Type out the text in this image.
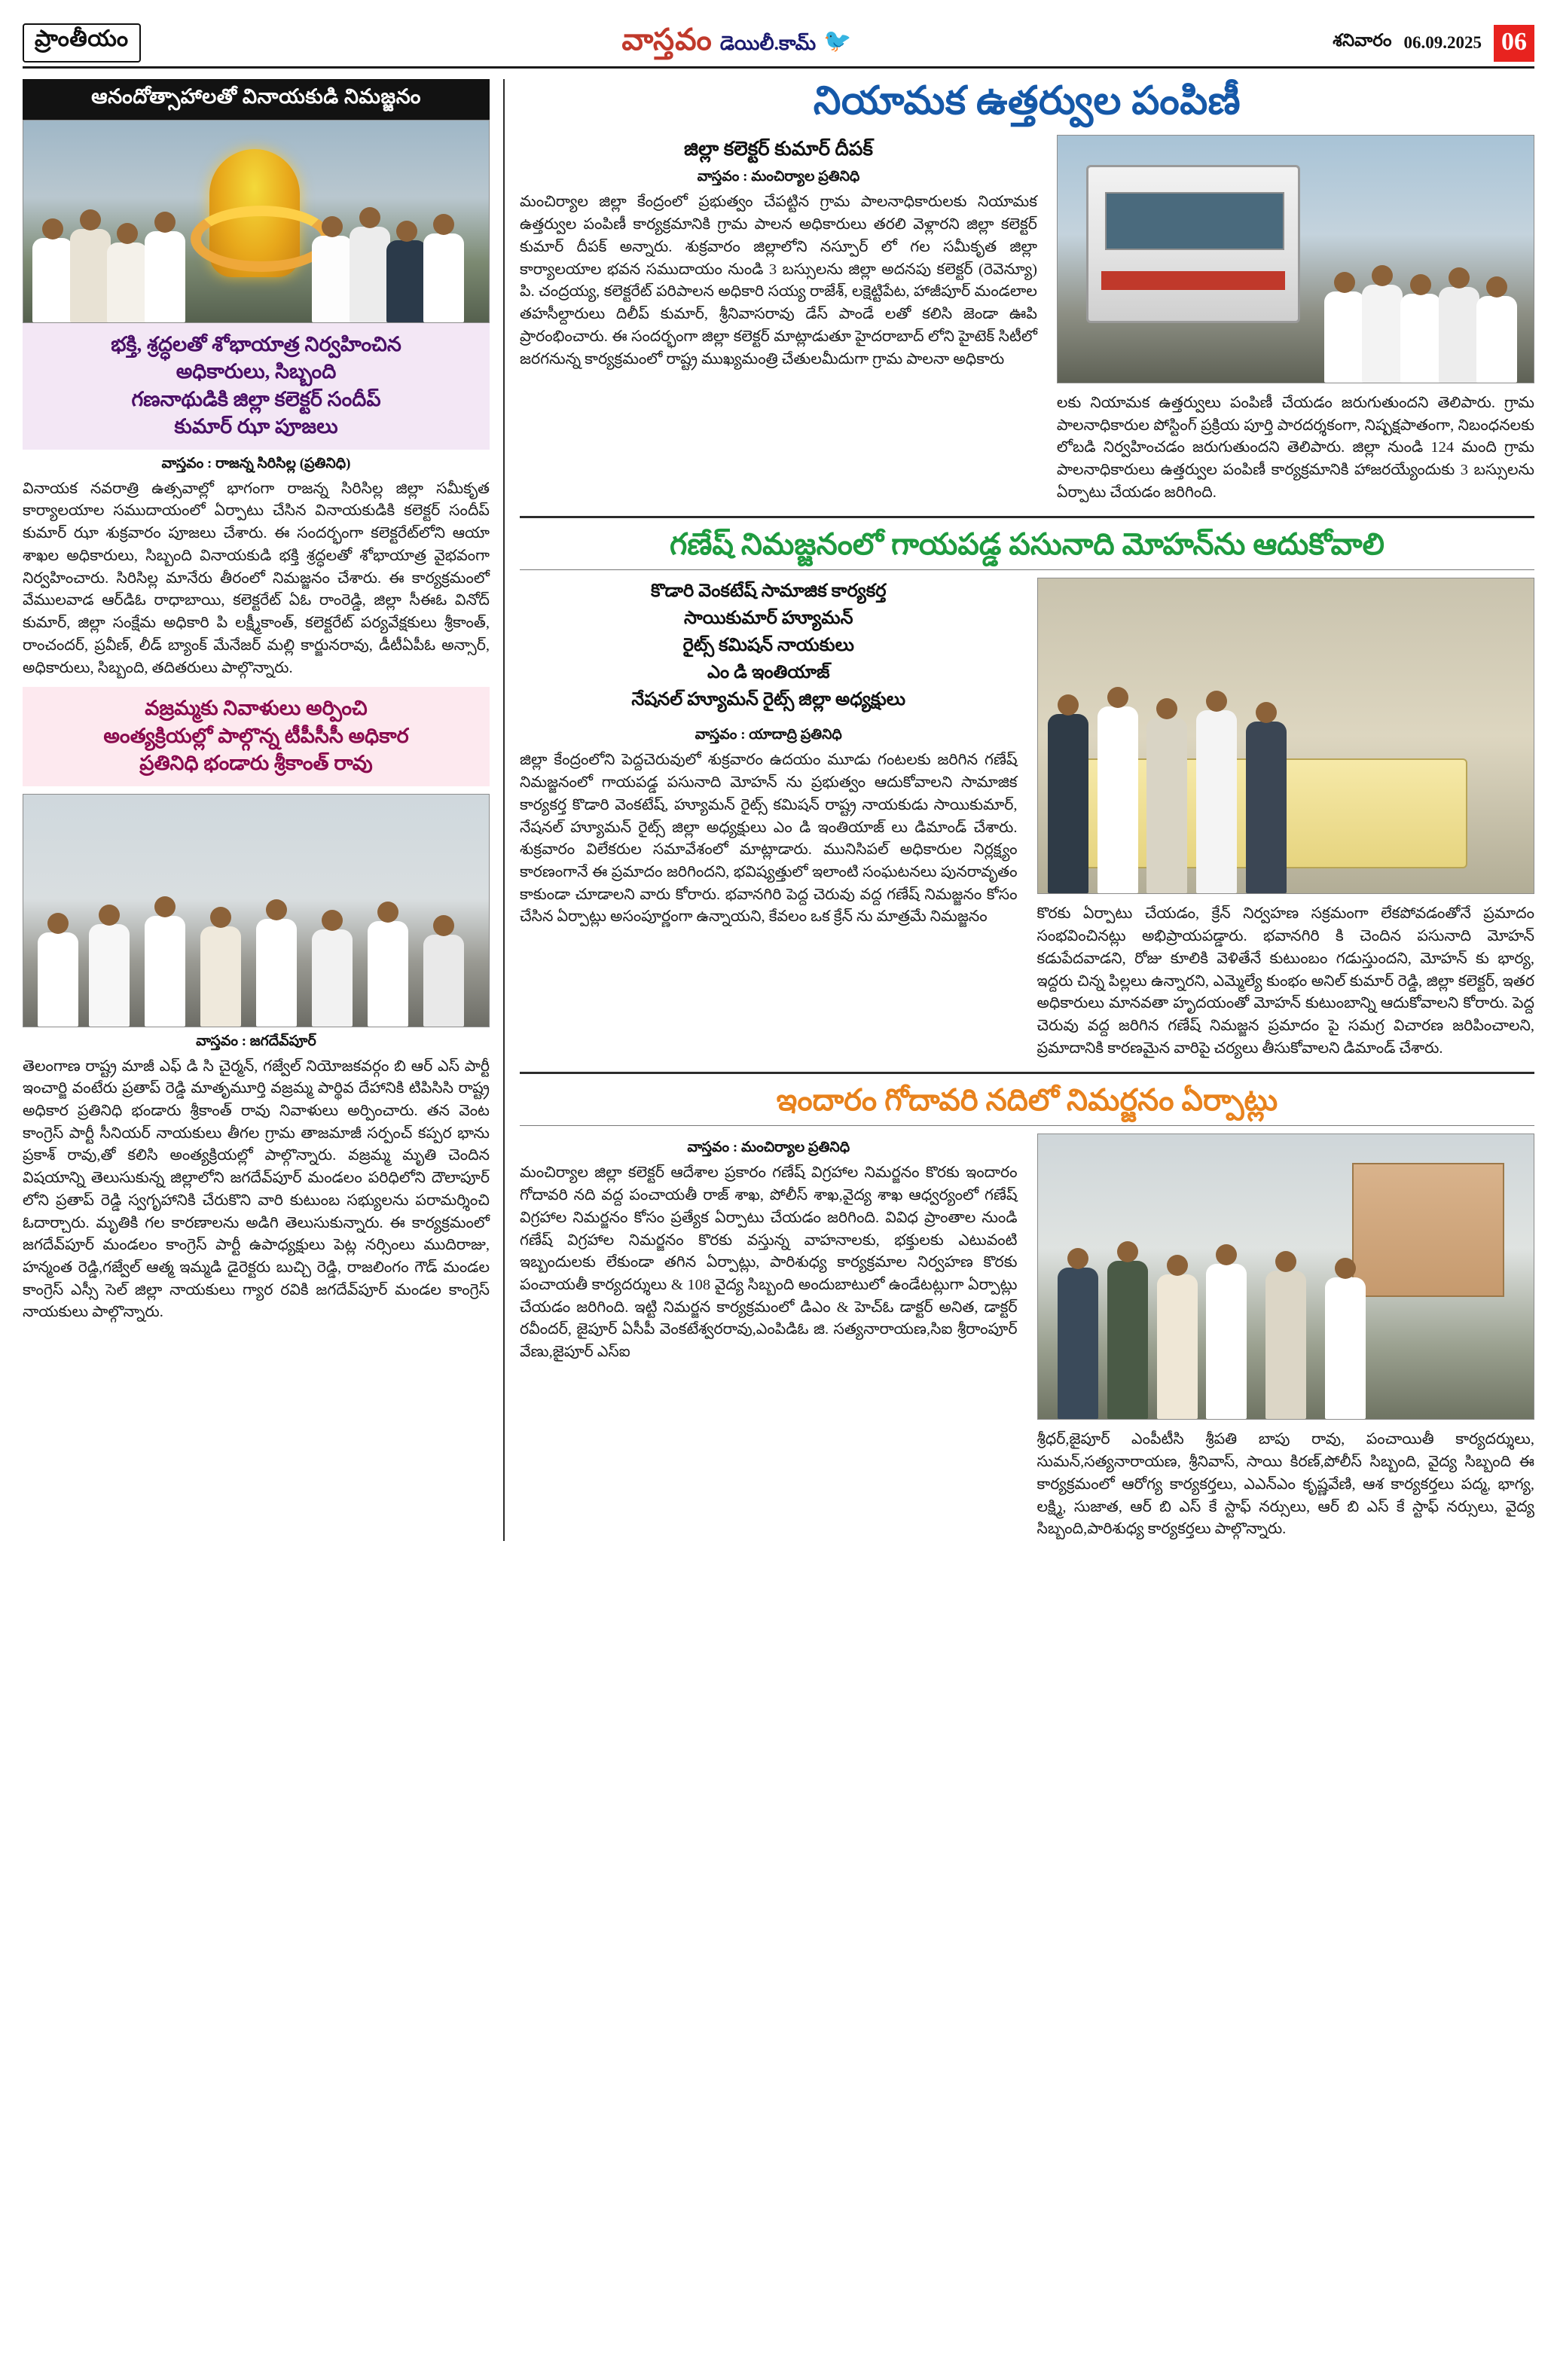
ప్రాంతీయం	వాస్తవం డెయిలీ.కామ్ 🐦	శనివారం 06.09.2025 06
ఆనందోత్సాహాలతో వినాయకుడి నిమజ్జనం
భక్తి, శ్రద్ధలతో శోభాయాత్ర నిర్వహించిన
అధికారులు, సిబ్బంది
గణనాథుడికి జిల్లా కలెక్టర్ సందీప్
కుమార్ ఝా పూజలు
వాస్తవం : రాజన్న సిరిసిల్ల (ప్రతినిధి)
వినాయక నవరాత్రి ఉత్సవాల్లో భాగంగా రాజన్న సిరిసిల్ల జిల్లా సమీకృత కార్యాలయాల సముదాయంలో ఏర్పాటు చేసిన వినాయకుడికి కలెక్టర్ సందీప్ కుమార్ ఝా శుక్రవారం పూజలు చేశారు. ఈ సందర్భంగా కలెక్టరేట్‌లోని ఆయా శాఖల అధికారులు, సిబ్బంది వినాయకుడి భక్తి శ్రద్ధలతో శోభాయాత్ర వైభవంగా నిర్వహించారు. సిరిసిల్ల మానేరు తీరంలో నిమజ్జనం చేశారు. ఈ కార్యక్రమంలో వేములవాడ ఆర్‌డిఓ రాధాబాయి, కలెక్టరేట్ ఏఓ రాంరెడ్డి, జిల్లా సీఈఓ వినోద్ కుమార్, జిల్లా సంక్షేమ అధికారి పి లక్ష్మీకాంత్, కలెక్టరేట్ పర్యవేక్షకులు శ్రీకాంత్, రాంచందర్, ప్రవీణ్, లీడ్ బ్యాంక్ మేనేజర్ మల్లి కార్జునరావు, డీటీఏపీఓ అన్సార్, అధికారులు, సిబ్బంది, తదితరులు పాల్గొన్నారు.
వజ్రమ్మకు నివాళులు అర్పించి
అంత్యక్రియల్లో పాల్గొన్న టీపీసీసీ అధికార
ప్రతినిధి భండారు శ్రీకాంత్ రావు
వాస్తవం : జగదేవ్‌పూర్
తెలంగాణ రాష్ట్ర మాజీ ఎఫ్ డి సి చైర్మన్, గజ్వేల్ నియోజకవర్గం బి ఆర్ ఎస్ పార్టీ ఇంచార్జి వంటేరు ప్రతాప్ రెడ్డి మాతృమూర్తి వజ్రమ్మ పార్థివ దేహానికి టిపిసిసి రాష్ట్ర అధికార ప్రతినిధి భండారు శ్రీకాంత్ రావు నివాళులు అర్పించారు. తన వెంట కాంగ్రెస్ పార్టీ సీనియర్ నాయకులు తీగల గ్రామ తాజమాజీ సర్పంచ్ కప్పర భాను ప్రకాశ్ రావు,తో కలిసి అంత్యక్రియల్లో పాల్గొన్నారు. వజ్రమ్మ మృతి చెందిన విషయాన్ని తెలుసుకున్న జిల్లాలోని జగదేవ్‌పూర్ మండలం పరిధిలోని దౌలాపూర్ లోని ప్రతాప్ రెడ్డి స్వగృహానికి చేరుకొని వారి కుటుంబ సభ్యులను పరామర్శించి ఓదార్చారు. మృతికి గల కారణాలను అడిగి తెలుసుకున్నారు. ఈ కార్యక్రమంలో జగదేవ్‌పూర్ మండలం కాంగ్రెస్ పార్టీ ఉపాధ్యక్షులు పెట్ల నర్సింలు ముదిరాజు, హన్మంత రెడ్డి,గజ్వేల్ ఆత్మ ఇమ్మడి డైరెక్టరు బుచ్చి రెడ్డి, రాజలింగం గౌడ్ మండల కాంగ్రెస్ ఎస్సీ సెల్ జిల్లా నాయకులు గ్యార రవికి జగదేవ్‌పూర్ మండల కాంగ్రెస్ నాయకులు పాల్గొన్నారు.
నియామక ఉత్తర్వుల పంపిణీ
జిల్లా కలెక్టర్ కుమార్ దీపక్
వాస్తవం : మంచిర్యాల ప్రతినిధి
మంచిర్యాల జిల్లా కేంద్రంలో ప్రభుత్వం చేపట్టిన గ్రామ పాలనాధికారులకు నియామక ఉత్తర్వుల పంపిణీ కార్యక్రమానికి గ్రామ పాలన అధికారులు తరలి వెళ్లారని జిల్లా కలెక్టర్ కుమార్ దీపక్ అన్నారు. శుక్రవారం జిల్లాలోని నస్పూర్ లో గల సమీకృత జిల్లా కార్యాలయాల భవన సముదాయం నుండి 3 బస్సులను జిల్లా అదనపు కలెక్టర్ (రెవెన్యూ) పి. చంద్రయ్య, కలెక్టరేట్ పరిపాలన అధికారి సయ్య రాజేశ్, లక్షెట్టిపేట, హాజీపూర్ మండలాల తహసీల్దారులు దిలీప్ కుమార్, శ్రీనివాసరావు డేస్ పాండే లతో కలిసి జెండా ఊపి ప్రారంభించారు. ఈ సందర్భంగా జిల్లా కలెక్టర్ మాట్లాడుతూ హైదరాబాద్ లోని హైటెక్ సిటీలో జరగనున్న కార్యక్రమంలో రాష్ట్ర ముఖ్యమంత్రి చేతులమీదుగా గ్రామ పాలనా అధికారు
లకు నియామక ఉత్తర్వులు పంపిణీ చేయడం జరుగుతుందని తెలిపారు. గ్రామ పాలనాధికారుల పోస్టింగ్ ప్రక్రియ పూర్తి పారదర్శకంగా, నిష్పక్షపాతంగా, నిబంధనలకు లోబడి నిర్వహించడం జరుగుతుందని తెలిపారు. జిల్లా నుండి 124 మంది గ్రామ పాలనాధికారులు ఉత్తర్వుల పంపిణీ కార్యక్రమానికి హాజరయ్యేందుకు 3 బస్సులను ఏర్పాటు చేయడం జరిగింది.
గణేష్ నిమజ్జనంలో గాయపడ్డ పసునాది మోహన్‌ను ఆదుకోవాలి
కొడారి వెంకటేష్ సామాజిక కార్యకర్త
సాయికుమార్ హ్యూమన్
రైట్స్ కమిషన్ నాయకులు
ఎం డి ఇంతియాజ్
నేషనల్ హ్యూమన్ రైట్స్ జిల్లా అధ్యక్షులు
వాస్తవం : యాదాద్రి ప్రతినిధి
జిల్లా కేంద్రంలోని పెద్దచెరువులో శుక్రవారం ఉదయం మూడు గంటలకు జరిగిన గణేష్ నిమజ్జనంలో గాయపడ్డ పసునాది మోహన్ ను ప్రభుత్వం ఆదుకోవాలని సామాజిక కార్యకర్త కొడారి వెంకటేష్, హ్యూమన్ రైట్స్ కమిషన్ రాష్ట్ర నాయకుడు సాయికుమార్, నేషనల్ హ్యూమన్ రైట్స్ జిల్లా అధ్యక్షులు ఎం డి ఇంతియాజ్ లు డిమాండ్ చేశారు. శుక్రవారం విలేకరుల సమావేశంలో మాట్లాడారు. మునిసిపల్ అధికారుల నిర్లక్ష్యం కారణంగానే ఈ ప్రమాదం జరిగిందని, భవిష్యత్తులో ఇలాంటి సంఘటనలు పునరావృతం కాకుండా చూడాలని వారు కోరారు. భవానగిరి పెద్ద చెరువు వద్ద గణేష్ నిమజ్జనం కోసం చేసిన ఏర్పాట్లు అసంపూర్ణంగా ఉన్నాయని, కేవలం ఒక క్రేన్ ను మాత్రమే నిమజ్జనం	కొరకు ఏర్పాటు చేయడం, క్రేన్ నిర్వహణ సక్రమంగా లేకపోవడంతోనే ప్రమాదం సంభవించినట్లు అభిప్రాయపడ్డారు. భవానగిరి కి చెందిన పసునాది మోహన్ కడుపేదవాడని, రోజు కూలికి వెళితేనే కుటుంబం గడుస్తుందని, మోహన్ కు భార్య, ఇద్దరు చిన్న పిల్లలు ఉన్నారని, ఎమ్మెల్యే కుంభం అనిల్ కుమార్ రెడ్డి, జిల్లా కలెక్టర్, ఇతర అధికారులు మానవతా హృదయంతో మోహన్ కుటుంబాన్ని ఆదుకోవాలని కోరారు. పెద్ద చెరువు వద్ద జరిగిన గణేష్ నిమజ్జన ప్రమాదం పై సమగ్ర విచారణ జరిపించాలని, ప్రమాదానికి కారణమైన వారిపై చర్యలు తీసుకోవాలని డిమాండ్ చేశారు.
ఇందారం గోదావరి నదిలో నిమర్జనం ఏర్పాట్లు
వాస్తవం : మంచిర్యాల ప్రతినిధి
మంచిర్యాల జిల్లా కలెక్టర్ ఆదేశాల ప్రకారం గణేష్ విగ్రహాల నిమర్జనం కొరకు ఇందారం గోదావరి నది వద్ద పంచాయతీ రాజ్ శాఖ, పోలీస్ శాఖ,వైద్య శాఖ ఆధ్వర్యంలో గణేష్ విగ్రహాల నిమర్జనం కోసం ప్రత్యేక ఏర్పాటు చేయడం జరిగింది. వివిధ ప్రాంతాల నుండి గణేష్ విగ్రహాల నిమర్జనం కొరకు వస్తున్న వాహనాలకు, భక్తులకు ఎటువంటి ఇబ్బందులకు లేకుండా తగిన ఏర్పాట్లు, పారిశుధ్య కార్యక్రమాల నిర్వహణ కొరకు పంచాయతీ కార్యదర్శులు & 108 వైద్య సిబ్బంది అందుబాటులో ఉండేటట్లుగా ఏర్పాట్లు చేయడం జరిగింది. ఇట్టి నిమర్జన కార్యక్రమంలో డిఎం & హెచ్ఓ డాక్టర్ అనిత, డాక్టర్ రవీందర్, జైపూర్ ఏసీపీ వెంకటేశ్వరరావు,ఎంపిడిఓ జి. సత్యనారాయణ,సిఐ శ్రీరాంపూర్ వేణు,జైపూర్ ఎస్ఐ
శ్రీధర్,జైపూర్ ఎంపీటీసి శ్రీపతి బాపు రావు, పంచాయితీ కార్యదర్శులు, సుమన్,సత్యనారాయణ, శ్రీనివాస్, సాయి కిరణ్,పోలీస్ సిబ్బంది, వైద్య సిబ్బంది ఈ కార్యక్రమంలో ఆరోగ్య కార్యకర్తలు, ఎఎన్ఎం కృష్ణవేణి, ఆశ కార్యకర్తలు పద్మ, భాగ్య, లక్ష్మి, సుజాత, ఆర్ బి ఎస్ కే స్టాఫ్ నర్సులు, ఆర్ బి ఎస్ కే స్టాఫ్ నర్సులు, వైద్య సిబ్బంది,పారిశుధ్య కార్యకర్తలు పాల్గొన్నారు.
